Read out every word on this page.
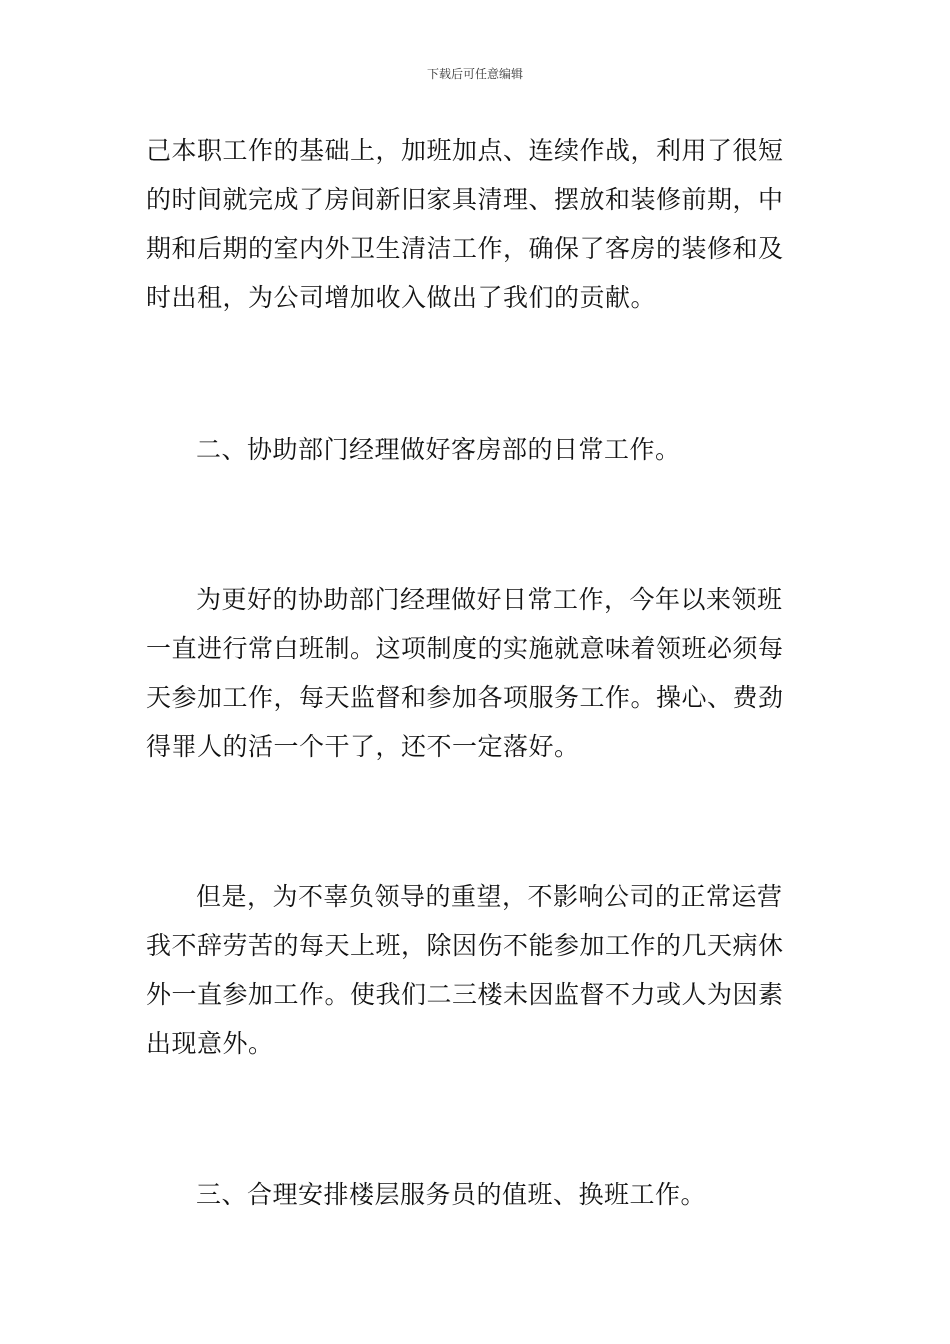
下载后可任意编辑
己本职工作的基础上，加班加点、连续作战，利用了很短
的时间就完成了房间新旧家具清理、摆放和装修前期，中
期和后期的室内外卫生清洁工作，确保了客房的装修和及
时出租，为公司增加收入做出了我们的贡献。
二、协助部门经理做好客房部的日常工作。
为更好的协助部门经理做好日常工作，今年以来领班
一直进行常白班制。这项制度的实施就意味着领班必须每
天参加工作，每天监督和参加各项服务工作。操心、费劲
得罪人的活一个干了，还不一定落好。
但是，为不辜负领导的重望，不影响公司的正常运营
我不辞劳苦的每天上班，除因伤不能参加工作的几天病休
外一直参加工作。使我们二三楼未因监督不力或人为因素
出现意外。
三、合理安排楼层服务员的值班、换班工作。
